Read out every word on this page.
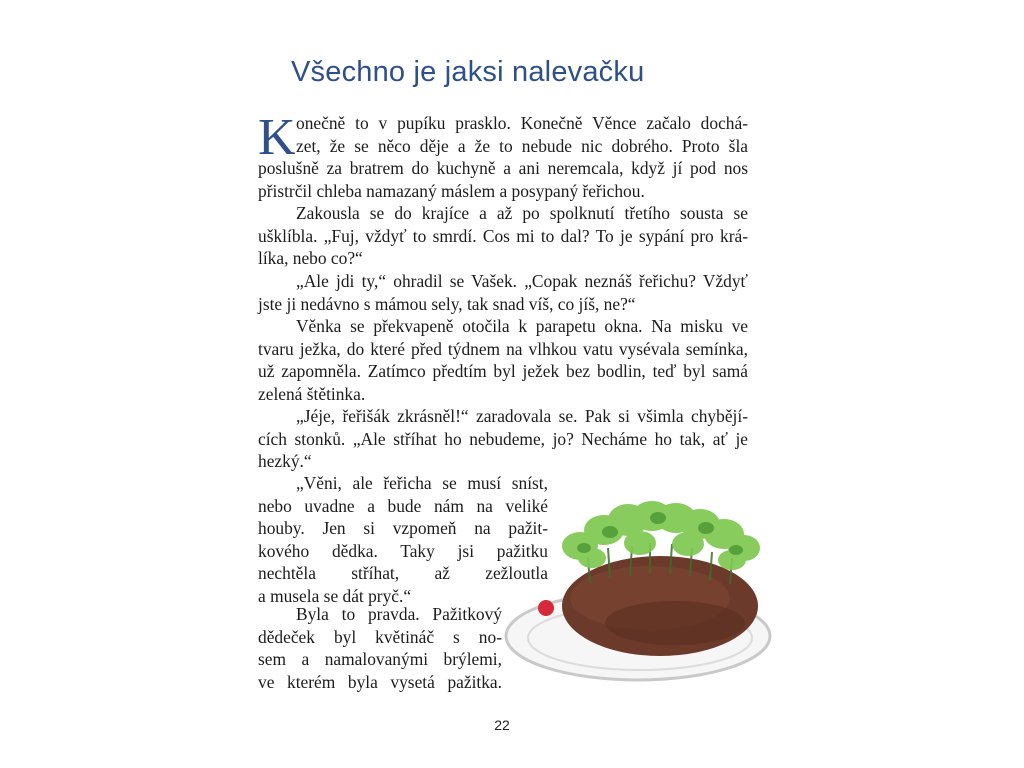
Všechno je jaksi nalevačku
K onečně to v pupíku prasklo. Konečně Věnce začalo dochá-
zet, že se něco děje a že to nebude nic dobrého. Proto šla
poslušně za bratrem do kuchyně a ani neremcala, když jí pod nos
přistrčil chleba namazaný máslem a posypaný řeřichou.
Zakousla se do krajíce a až po spolknutí třetího sousta se
ušklíbla. „Fuj, vždyť to smrdí. Cos mi to dal? To je sypání pro krá-
líka, nebo co?“
„Ale jdi ty,“ ohradil se Vašek. „Copak neznáš řeřichu? Vždyť
jste ji nedávno s mámou sely, tak snad víš, co jíš, ne?“
Věnka se překvapeně otočila k parapetu okna. Na misku ve
tvaru ježka, do které před týdnem na vlhkou vatu vysévala semínka,
už zapomněla. Zatímco předtím byl ježek bez bodlin, teď byl samá
zelená štětinka.
„Jéje, řeřišák zkrásněl!“ zaradovala se. Pak si všimla chybějí-
cích stonků. „Ale stříhat ho nebudeme, jo? Necháme ho tak, ať je
hezký.“
„Věni, ale řeřicha se musí sníst,
nebo uvadne a bude nám na veliké
houby. Jen si vzpomeň na pažit-
kového dědka. Taky jsi pažitku
nechtěla stříhat, až zežloutla
a musela se dát pryč.“
Byla to pravda. Pažitkový
dědeček byl květináč s no-
sem a namalovanými brýlemi,
ve kterém byla vysetá pažitka.
22
